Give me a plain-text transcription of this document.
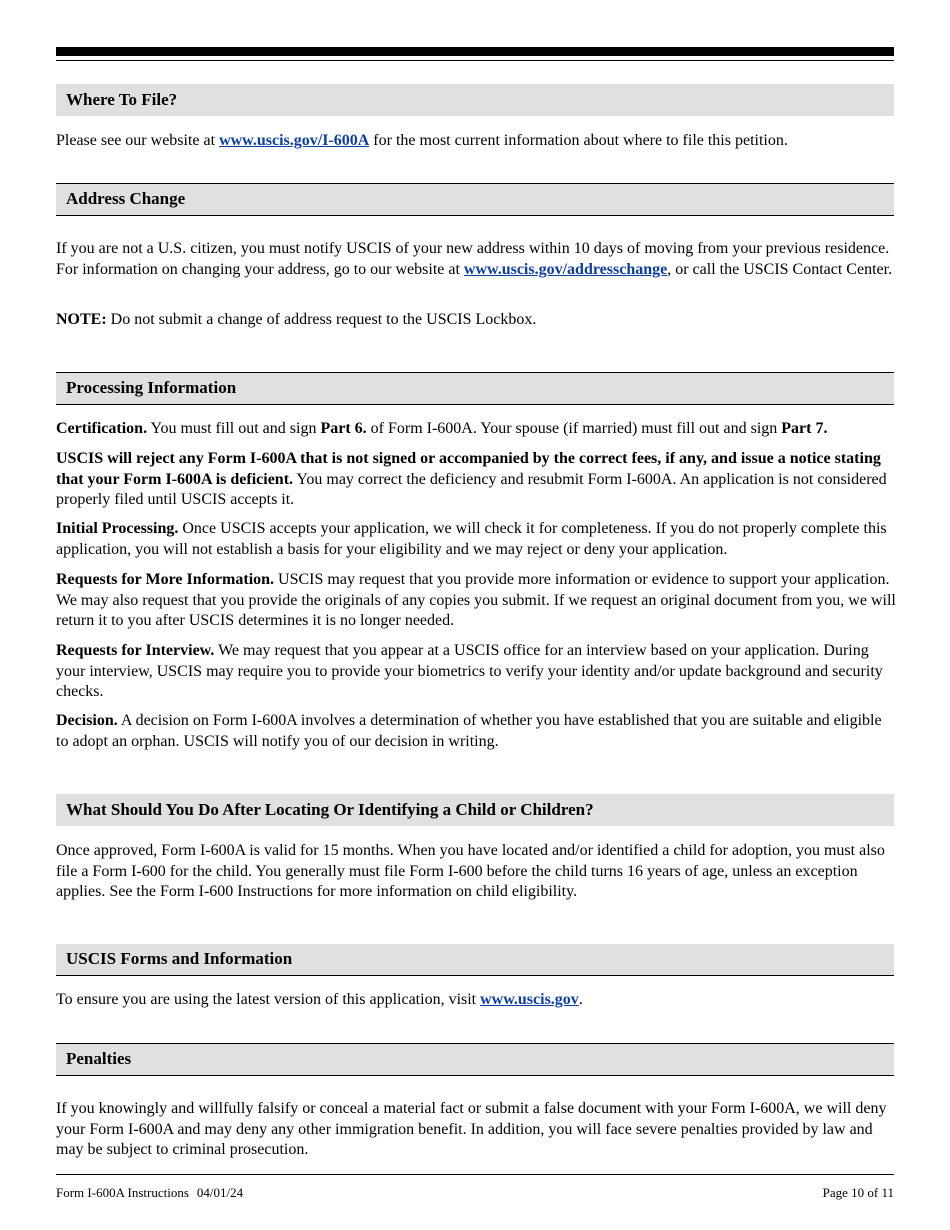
Where To File?

Please see our website at www.uscis.gov/I-600A for the most current information about where to file this petition.

Address Change

If you are not a U.S. citizen, you must notify USCIS of your new address within 10 days of moving from your previous residence. For information on changing your address, go to our website at www.uscis.gov/addresschange, or call the USCIS Contact Center.

NOTE: Do not submit a change of address request to the USCIS Lockbox.

Processing Information

Certification. You must fill out and sign Part 6. of Form I-600A. Your spouse (if married) must fill out and sign Part 7.

USCIS will reject any Form I-600A that is not signed or accompanied by the correct fees, if any, and issue a notice stating that your Form I-600A is deficient. You may correct the deficiency and resubmit Form I-600A. An application is not considered properly filed until USCIS accepts it.

Initial Processing. Once USCIS accepts your application, we will check it for completeness. If you do not properly complete this application, you will not establish a basis for your eligibility and we may reject or deny your application.

Requests for More Information. USCIS may request that you provide more information or evidence to support your application. We may also request that you provide the originals of any copies you submit. If we request an original document from you, we will return it to you after USCIS determines it is no longer needed.

Requests for Interview. We may request that you appear at a USCIS office for an interview based on your application. During your interview, USCIS may require you to provide your biometrics to verify your identity and/or update background and security checks.

Decision. A decision on Form I-600A involves a determination of whether you have established that you are suitable and eligible to adopt an orphan. USCIS will notify you of our decision in writing.

What Should You Do After Locating Or Identifying a Child or Children?

Once approved, Form I-600A is valid for 15 months. When you have located and/or identified a child for adoption, you must also file a Form I-600 for the child. You generally must file Form I-600 before the child turns 16 years of age, unless an exception applies. See the Form I-600 Instructions for more information on child eligibility.

USCIS Forms and Information

To ensure you are using the latest version of this application, visit www.uscis.gov.

Penalties

If you knowingly and willfully falsify or conceal a material fact or submit a false document with your Form I-600A, we will deny your Form I-600A and may deny any other immigration benefit. In addition, you will face severe penalties provided by law and may be subject to criminal prosecution.

Form I-600A Instructions 04/01/24	Page 10 of 11
